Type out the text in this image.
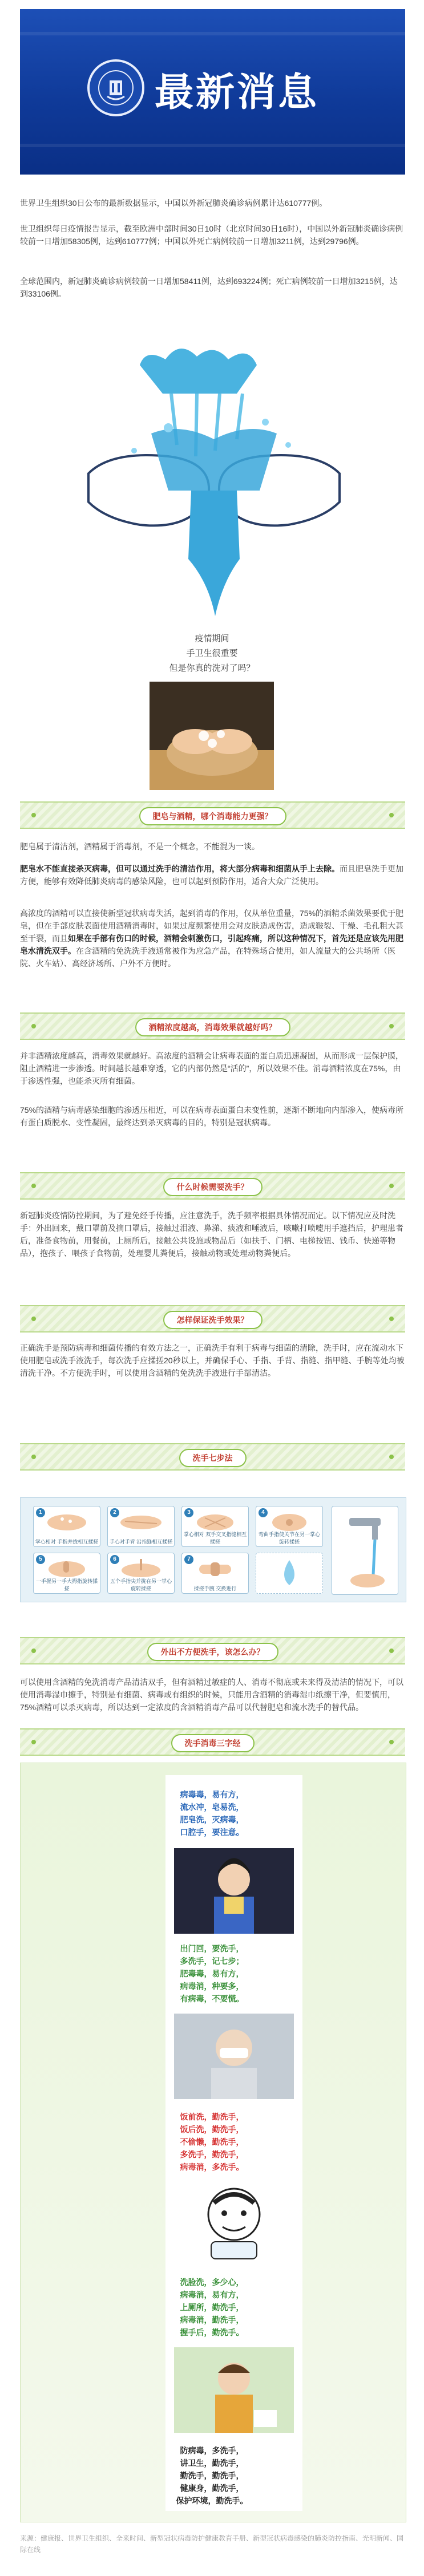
最新消息

世界卫生组织30日公布的最新数据显示，中国以外新冠肺炎确诊病例累计达610777例。

世卫组织每日疫情报告显示，截至欧洲中部时间30日10时（北京时间30日16时），中国以外新冠肺炎确诊病例较前一日增加58305例，达到610777例；中国以外死亡病例较前一日增加3211例，达到29796例。

全球范围内，新冠肺炎确诊病例较前一日增加58411例，达到693224例；死亡病例较前一日增加3215例，达到33106例。

疫情期间

手卫生很重要

但是你真的洗对了吗？

肥皂与酒精，哪个消毒能力更强？

肥皂属于清洁剂，酒精属于消毒剂，不是一个概念，不能混为一谈。

肥皂水不能直接杀灭病毒，但可以通过洗手的清洁作用，将大部分病毒和细菌从手上去除。而且肥皂洗手更加方便，能够有效降低肺炎病毒的感染风险，也可以起到预防作用，适合大众广泛使用。

高浓度的酒精可以直接使新型冠状病毒失活，起到消毒的作用，仅从单位重量，75%的酒精杀菌效果要优于肥皂，但在手部皮肤表面使用酒精消毒时，如果过度频繁使用会对皮肤造成伤害，造成皲裂、干燥、毛孔粗大甚至干裂，而且如果在手部有伤口的时候，酒精会刺激伤口，引起疼痛，所以这种情况下，首先还是应该先用肥皂水清洗双手。在含酒精的免洗洗手液通常被作为应急产品，在特殊场合使用，如人流量大的公共场所（医院、火车站）、高经济场所、户外不方便时。

酒精浓度越高，消毒效果就越好吗？

并非酒精浓度越高，消毒效果就越好。高浓度的酒精会让病毒表面的蛋白质迅速凝固，从而形成一层保护膜，阻止酒精进一步渗透。时间越长越难穿透，它的内部仍然是“活的”，所以效果不佳。消毒酒精浓度在75%，由于渗透性强，也能杀灭所有细菌。

75%的酒精与病毒感染细胞的渗透压相近，可以在病毒表面蛋白未变性前，逐渐不断地向内部渗入，使病毒所有蛋白质脱水、变性凝固，最终达到杀灭病毒的目的，特别是冠状病毒。

什么时候需要洗手？

新冠肺炎疫情防控期间，为了避免经手传播，应注意洗手，洗手频率根据具体情况而定。以下情况应及时洗手：外出回来，戴口罩前及摘口罩后，接触过泪液、鼻涕、痰液和唾液后，咳嗽打喷嚏用手遮挡后，护理患者后，准备食物前，用餐前，上厕所后，接触公共设施或物品后（如扶手、门柄、电梯按钮、钱币、快递等物品），抱孩子、喂孩子食物前，处理婴儿粪便后，接触动物或处理动物粪便后。

怎样保证洗手效果？

正确洗手是预防病毒和细菌传播的有效方法之一，正确洗手有利于病毒与细菌的清除，洗手时，应在流动水下使用肥皂或洗手液洗手，每次洗手应揉搓20秒以上，并确保手心、手指、手背、指缝、指甲缝、手腕等处均被清洗干净。不方便洗手时，可以使用含酒精的免洗洗手液进行手部清洁。

洗手七步法
1
掌心相对 手指并拢相互揉搓
2
手心对手背 沿指缝相互揉搓
3
掌心相对 双手交叉指缝相互揉搓
4
弯曲手指使关节在另一掌心旋转揉搓
5
一手握另一手大拇指旋转揉搓
6
五个手指尖并拢在另一掌心旋转揉搓
7
揉搓手腕 交换进行
外出不方便洗手，该怎么办？

可以使用含酒精的免洗消毒产品清洁双手，但有酒精过敏症的人、消毒不彻底或未来得及清洁的情况下，可以使用消毒湿巾擦手，特别是有细菌、病毒或有组织的时候，只能用含酒精的消毒湿巾纸擦干净，但要慎用，75%酒精可以杀灭病毒，所以达到一定浓度的含酒精消毒产品可以代替肥皂和流水洗手的替代品。

洗手消毒三字经

病毒毒，易有方，
流水冲，皂易洗，
肥皂洗，灭病毒，
口腔手，要注意。

出门回，要洗手，
多洗手，记七步；
肥毒毒，易有方，
病毒消，种要多，
有病毒，不要慌。

饭前洗，勤洗手，
饭后洗，勤洗手，
不偷懒，勤洗手，
多洗手，勤洗手，
病毒消，多洗手。

洗脸洗，多少心，
病毒消，易有方，
上厕所，勤洗手，
病毒消，勤洗手，
握手后，勤洗手。

防病毒，多洗手，
讲卫生，勤洗手，
勤洗手，勤洗手，
健康身，勤洗手，
保护环境，勤洗手。

来源：健康报、世界卫生组织、全来时间、新型冠状病毒防护健康教育手册、新型冠状病毒感染的肺炎防控指南、光明新闻、国际在线
